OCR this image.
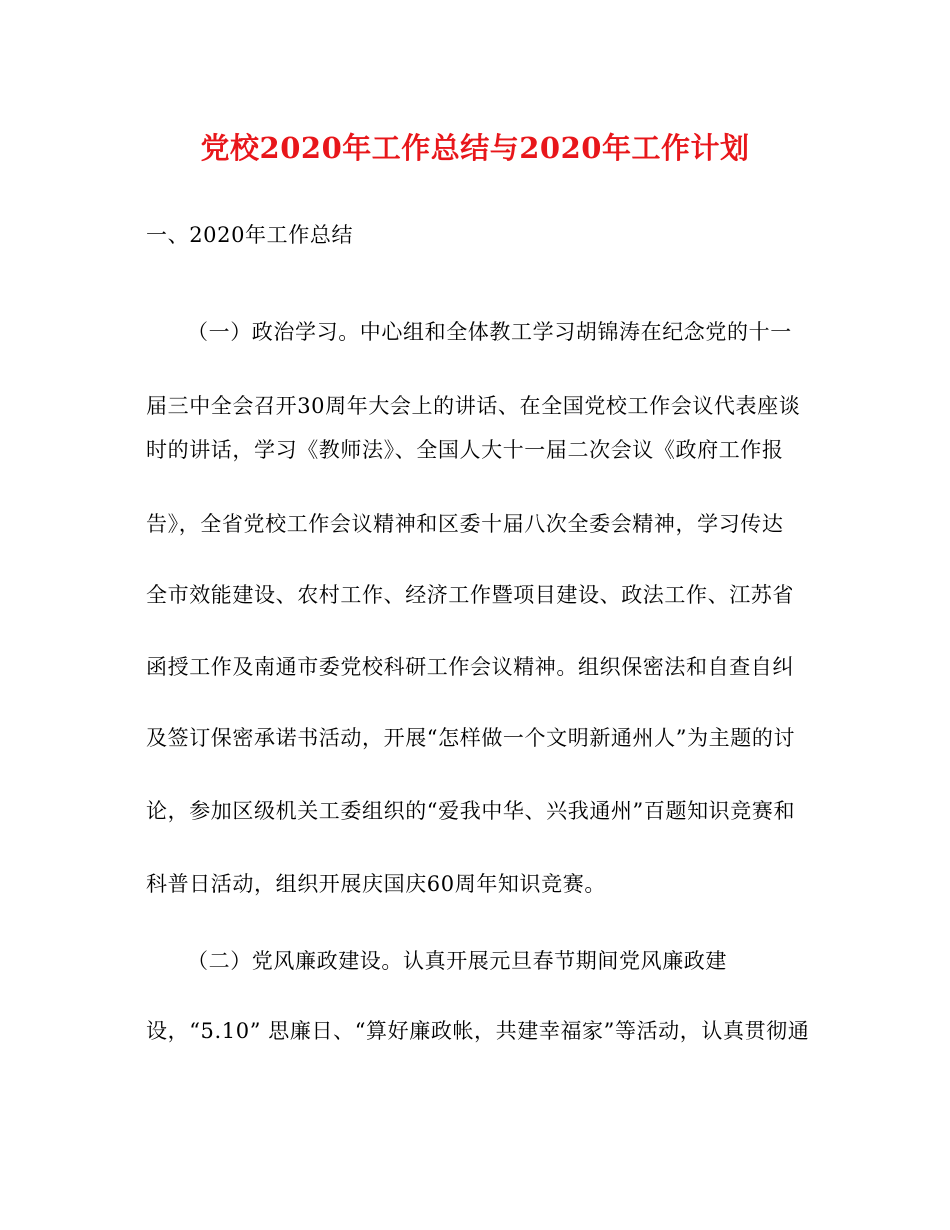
党校2020年工作总结与2020年工作计划
一、2020年工作总结
（一）政治学习。中心组和全体教工学习胡锦涛在纪念党的十一
届三中全会召开30周年大会上的讲话、在全国党校工作会议代表座谈
时的讲话，学习《教师法》、全国人大十一届二次会议《政府工作报
告》，全省党校工作会议精神和区委十届八次全委会精神，学习传达
全市效能建设、农村工作、经济工作暨项目建设、政法工作、江苏省
函授工作及南通市委党校科研工作会议精神。组织保密法和自查自纠
及签订保密承诺书活动，开展“怎样做一个文明新通州人”为主题的讨
论，参加区级机关工委组织的“爱我中华、兴我通州”百题知识竞赛和
科普日活动，组织开展庆国庆60周年知识竞赛。
（二）党风廉政建设。认真开展元旦春节期间党风廉政建
设，“5.10” 思廉日、“算好廉政帐，共建幸福家”等活动，认真贯彻通
